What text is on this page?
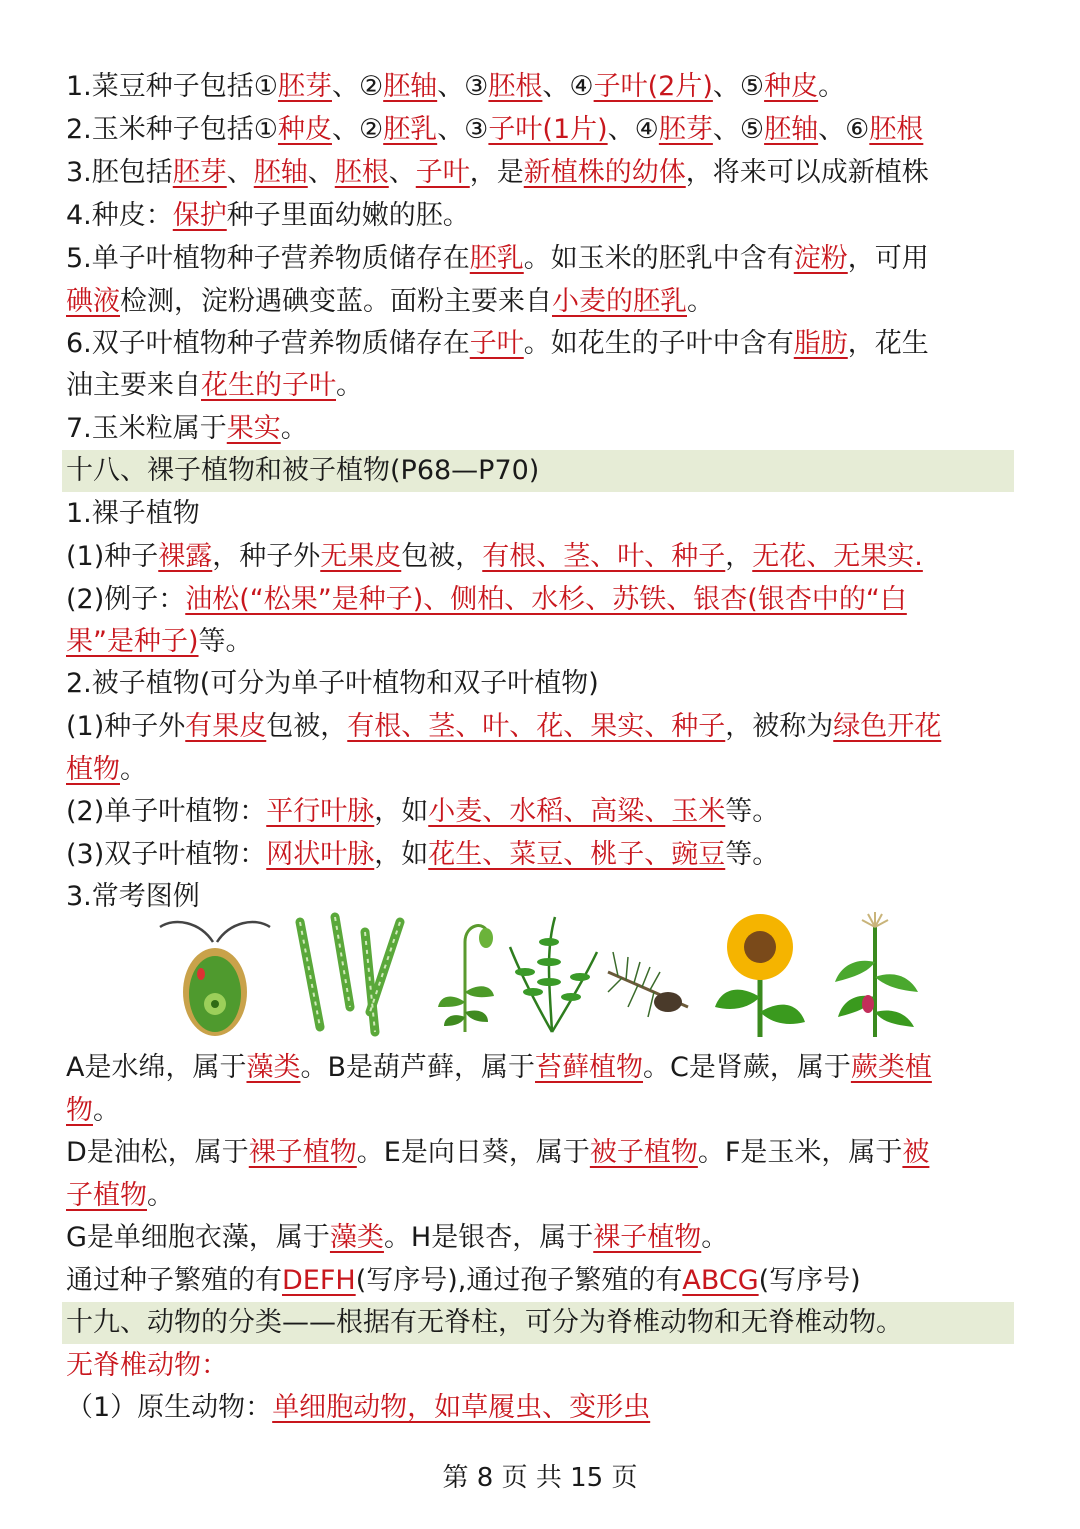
1.菜豆种子包括①胚芽、②胚轴、③胚根、④子叶(2片)、⑤种皮。
2.玉米种子包括①种皮、②胚乳、③子叶(1片)、④胚芽、⑤胚轴、⑥胚根
3.胚包括胚芽、胚轴、胚根、子叶，是新植株的幼体，将来可以成新植株
4.种皮：保护种子里面幼嫩的胚。
5.单子叶植物种子营养物质储存在胚乳。如玉米的胚乳中含有淀粉，可用
碘液检测，淀粉遇碘变蓝。面粉主要来自小麦的胚乳。
6.双子叶植物种子营养物质储存在子叶。如花生的子叶中含有脂肪，花生
油主要来自花生的子叶。
7.玉米粒属于果实。
十八、裸子植物和被子植物(P68—P70)
1.裸子植物
(1)种子裸露，种子外无果皮包被，有根、茎、叶、种子，无花、无果实.
(2)例子：油松(“松果”是种子)、侧柏、水杉、苏铁、银杏(银杏中的“白
果”是种子)等。
2.被子植物(可分为单子叶植物和双子叶植物)
(1)种子外有果皮包被，有根、茎、叶、花、果实、种子，被称为绿色开花
植物。
(2)单子叶植物：平行叶脉，如小麦、水稻、高粱、玉米等。
(3)双子叶植物：网状叶脉，如花生、菜豆、桃子、豌豆等。
3.常考图例
A是水绵，属于藻类。B是葫芦藓，属于苔藓植物。C是肾蕨，属于蕨类植
物。
D是油松，属于裸子植物。E是向日葵，属于被子植物。F是玉米，属于被
子植物。
G是单细胞衣藻，属于藻类。H是银杏，属于裸子植物。
通过种子繁殖的有DEFH(写序号),通过孢子繁殖的有ABCG(写序号)
十九、动物的分类——根据有无脊柱，可分为脊椎动物和无脊椎动物。
无脊椎动物：
（1）原生动物：单细胞动物，如草履虫、变形虫
第 8 页 共 15 页
